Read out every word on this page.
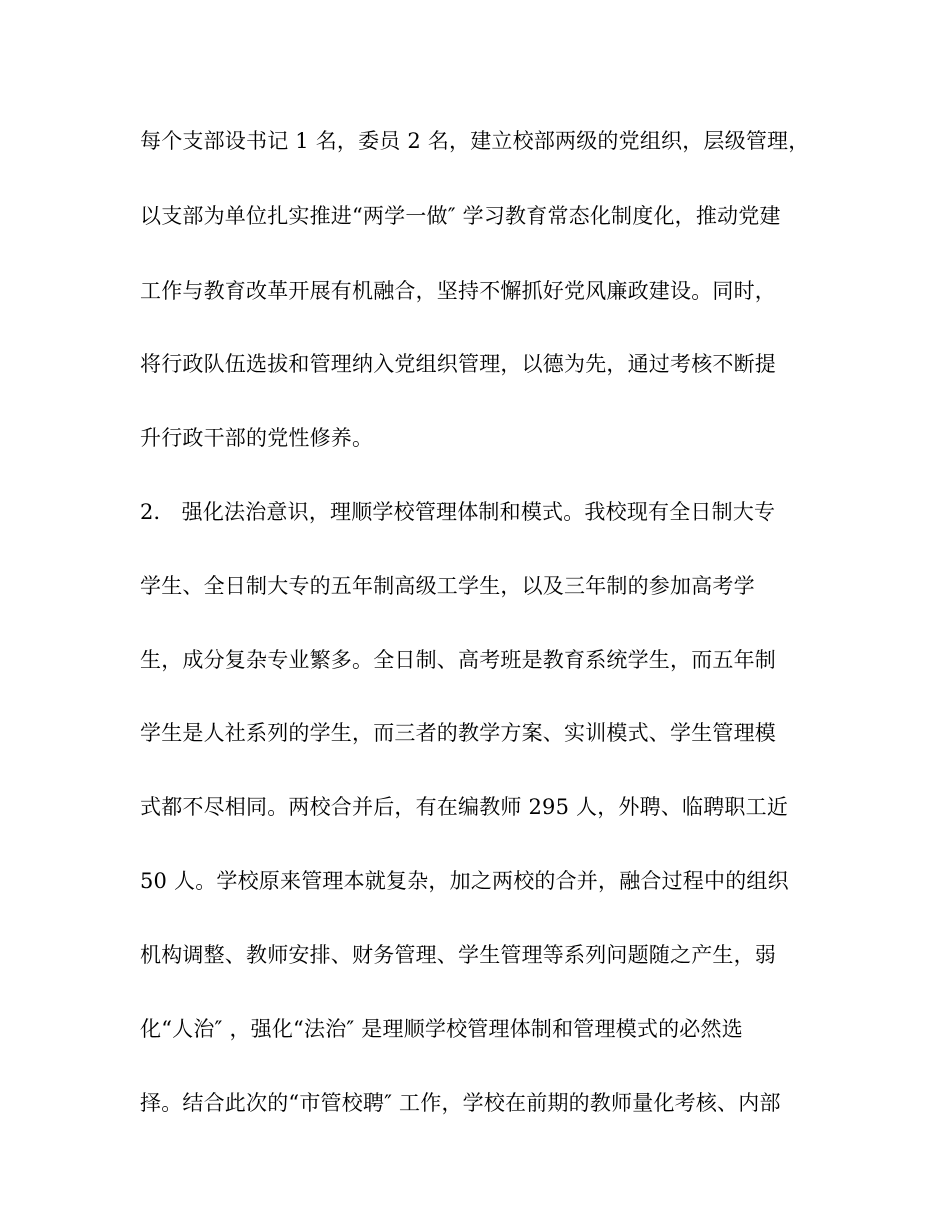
每个支部设书记 1 名，委员 2 名，建立校部两级的党组织，层级管理，
以支部为单位扎实推进“两学一做″ 学习教育常态化制度化，推动党建
工作与教育改革开展有机融合，坚持不懈抓好党风廉政建设。同时，
将行政队伍选拔和管理纳入党组织管理，以德为先，通过考核不断提
升行政干部的党性修养。
2． 强化法治意识，理顺学校管理体制和模式。我校现有全日制大专
学生、全日制大专的五年制高级工学生，以及三年制的参加高考学
生，成分复杂专业繁多。全日制、高考班是教育系统学生，而五年制
学生是人社系列的学生，而三者的教学方案、实训模式、学生管理模
式都不尽相同。两校合并后，有在编教师 295 人，外聘、临聘职工近
50 人。学校原来管理本就复杂，加之两校的合并，融合过程中的组织
机构调整、教师安排、财务管理、学生管理等系列问题随之产生，弱
化“人治″ ，强化“法治″ 是理顺学校管理体制和管理模式的必然选
择。结合此次的“市管校聘″ 工作，学校在前期的教师量化考核、内部
